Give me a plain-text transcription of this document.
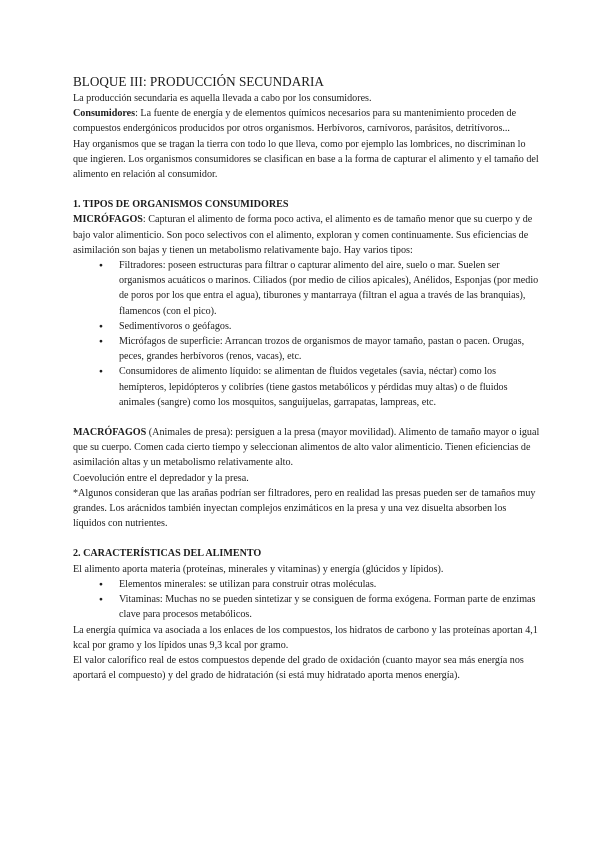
BLOQUE III: PRODUCCIÓN SECUNDARIA

La producción secundaria es aquella llevada a cabo por los consumidores.

Consumidores: La fuente de energía y de elementos químicos necesarios para su mantenimiento proceden de compuestos endergónicos producidos por otros organismos. Herbívoros, carnívoros, parásitos, detritívoros...

Hay organismos que se tragan la tierra con todo lo que lleva, como por ejemplo las lombrices, no discriminan lo que ingieren. Los organismos consumidores se clasifican en base a la forma de capturar el alimento y el tamaño del alimento en relación al consumidor.

1. TIPOS DE ORGANISMOS CONSUMIDORES

MICRÓFAGOS: Capturan el alimento de forma poco activa, el alimento es de tamaño menor que su cuerpo y de bajo valor alimenticio. Son poco selectivos con el alimento, exploran y comen continuamente. Sus eficiencias de asimilación son bajas y tienen un metabolismo relativamente bajo. Hay varios tipos:

● Filtradores: poseen estructuras para filtrar o capturar alimento del aire, suelo o mar. Suelen ser organismos acuáticos o marinos. Ciliados (por medio de cilios apicales), Anélidos, Esponjas (por medio de poros por los que entra el agua), tiburones y mantarraya (filtran el agua a través de las branquias), flamencos (con el pico).
● Sedimentívoros o geófagos.
● Micrófagos de superficie: Arrancan trozos de organismos de mayor tamaño, pastan o pacen. Orugas, peces, grandes herbívoros (renos, vacas), etc.
● Consumidores de alimento líquido: se alimentan de fluidos vegetales (savia, néctar) como los hemípteros, lepidópteros y colibríes (tiene gastos metabólicos y pérdidas muy altas) o de fluidos animales (sangre) como los mosquitos, sanguijuelas, garrapatas, lampreas, etc.

MACRÓFAGOS (Animales de presa): persiguen a la presa (mayor movilidad). Alimento de tamaño mayor o igual que su cuerpo. Comen cada cierto tiempo y seleccionan alimentos de alto valor alimenticio. Tienen eficiencias de asimilación altas y un metabolismo relativamente alto.

Coevolución entre el depredador y la presa.

*Algunos consideran que las arañas podrían ser filtradores, pero en realidad las presas pueden ser de tamaños muy grandes. Los arácnidos también inyectan complejos enzimáticos en la presa y una vez disuelta absorben los líquidos con nutrientes.

2. CARACTERÍSTICAS DEL ALIMENTO

El alimento aporta materia (proteínas, minerales y vitaminas) y energía (glúcidos y lípidos).

● Elementos minerales: se utilizan para construir otras moléculas.
● Vitaminas: Muchas no se pueden sintetizar y se consiguen de forma exógena. Forman parte de enzimas clave para procesos metabólicos.

La energía química va asociada a los enlaces de los compuestos, los hidratos de carbono y las proteínas aportan 4,1 kcal por gramo y los lípidos unas 9,3 kcal por gramo.

El valor calorífico real de estos compuestos depende del grado de oxidación (cuanto mayor sea más energía nos aportará el compuesto) y del grado de hidratación (si está muy hidratado aporta menos energía).
